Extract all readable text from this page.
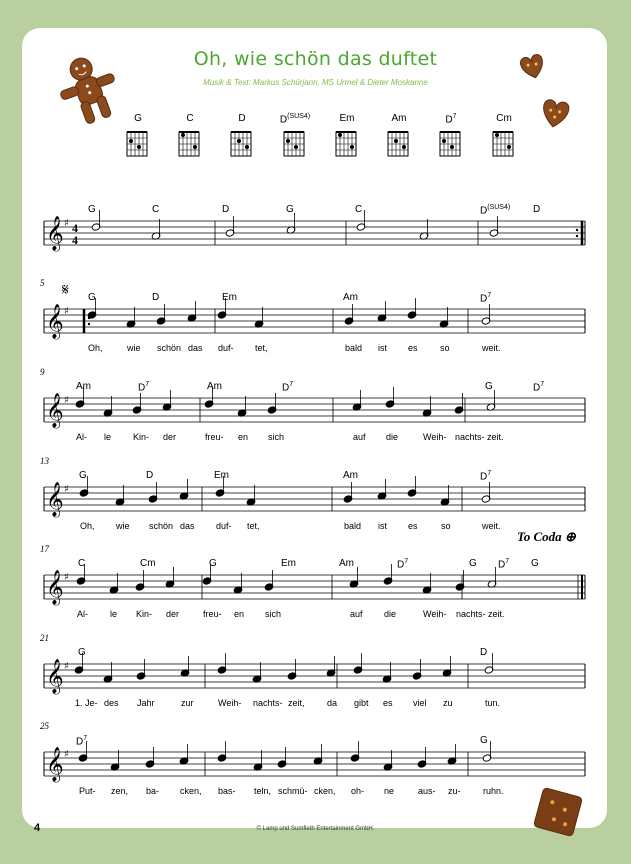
Oh, wie schön das duftet
Musik & Text: Markus Schürjann, MS Urmel & Dieter Moskanne
G	C	D	$D^{(SUS4)}$	Em	Am	$D^7$	Cm
𝄞 ♯ 4
4
𝄞 ♯
𝄋
𝄞 ♯
𝄞 ♯
𝄞 ♯
𝄞 ♯
𝄞 ♯
G	C	D	G	C	$D^{(SUS4)}$ D
5
G	D	Em	Am	$D^7$
Oh,	wie schön das duf- tet,	bald ist es so	weit.
9
Am	$D^7$	Am	$D^7$	G	$D^7$
Al- le Kin- der	freu- en sich	auf die	Weih- nachts- zeit.
13
G	D	Em	Am	$D^7$
Oh, wie schön das duf- tet,	bald ist es	so	weit.
17
C	Cm	G	Em	Am	$D^7$	G $D^7$ G
Al- le Kin- der	freu- en sich	auf die	Weih- nachts- zeit.
21
G	D
1. Je- des Jahr	zur	Weih- nachts- zeit, da gibt es viel zu	tun.
25
$D^7$	G
Put- zen, ba- cken, bas- teln, schmü- cken, oh- ne	aus- zu- ruhn.
To Coda ⊕
4	© Lamp und Sumfleth Entertainment GmbH.
